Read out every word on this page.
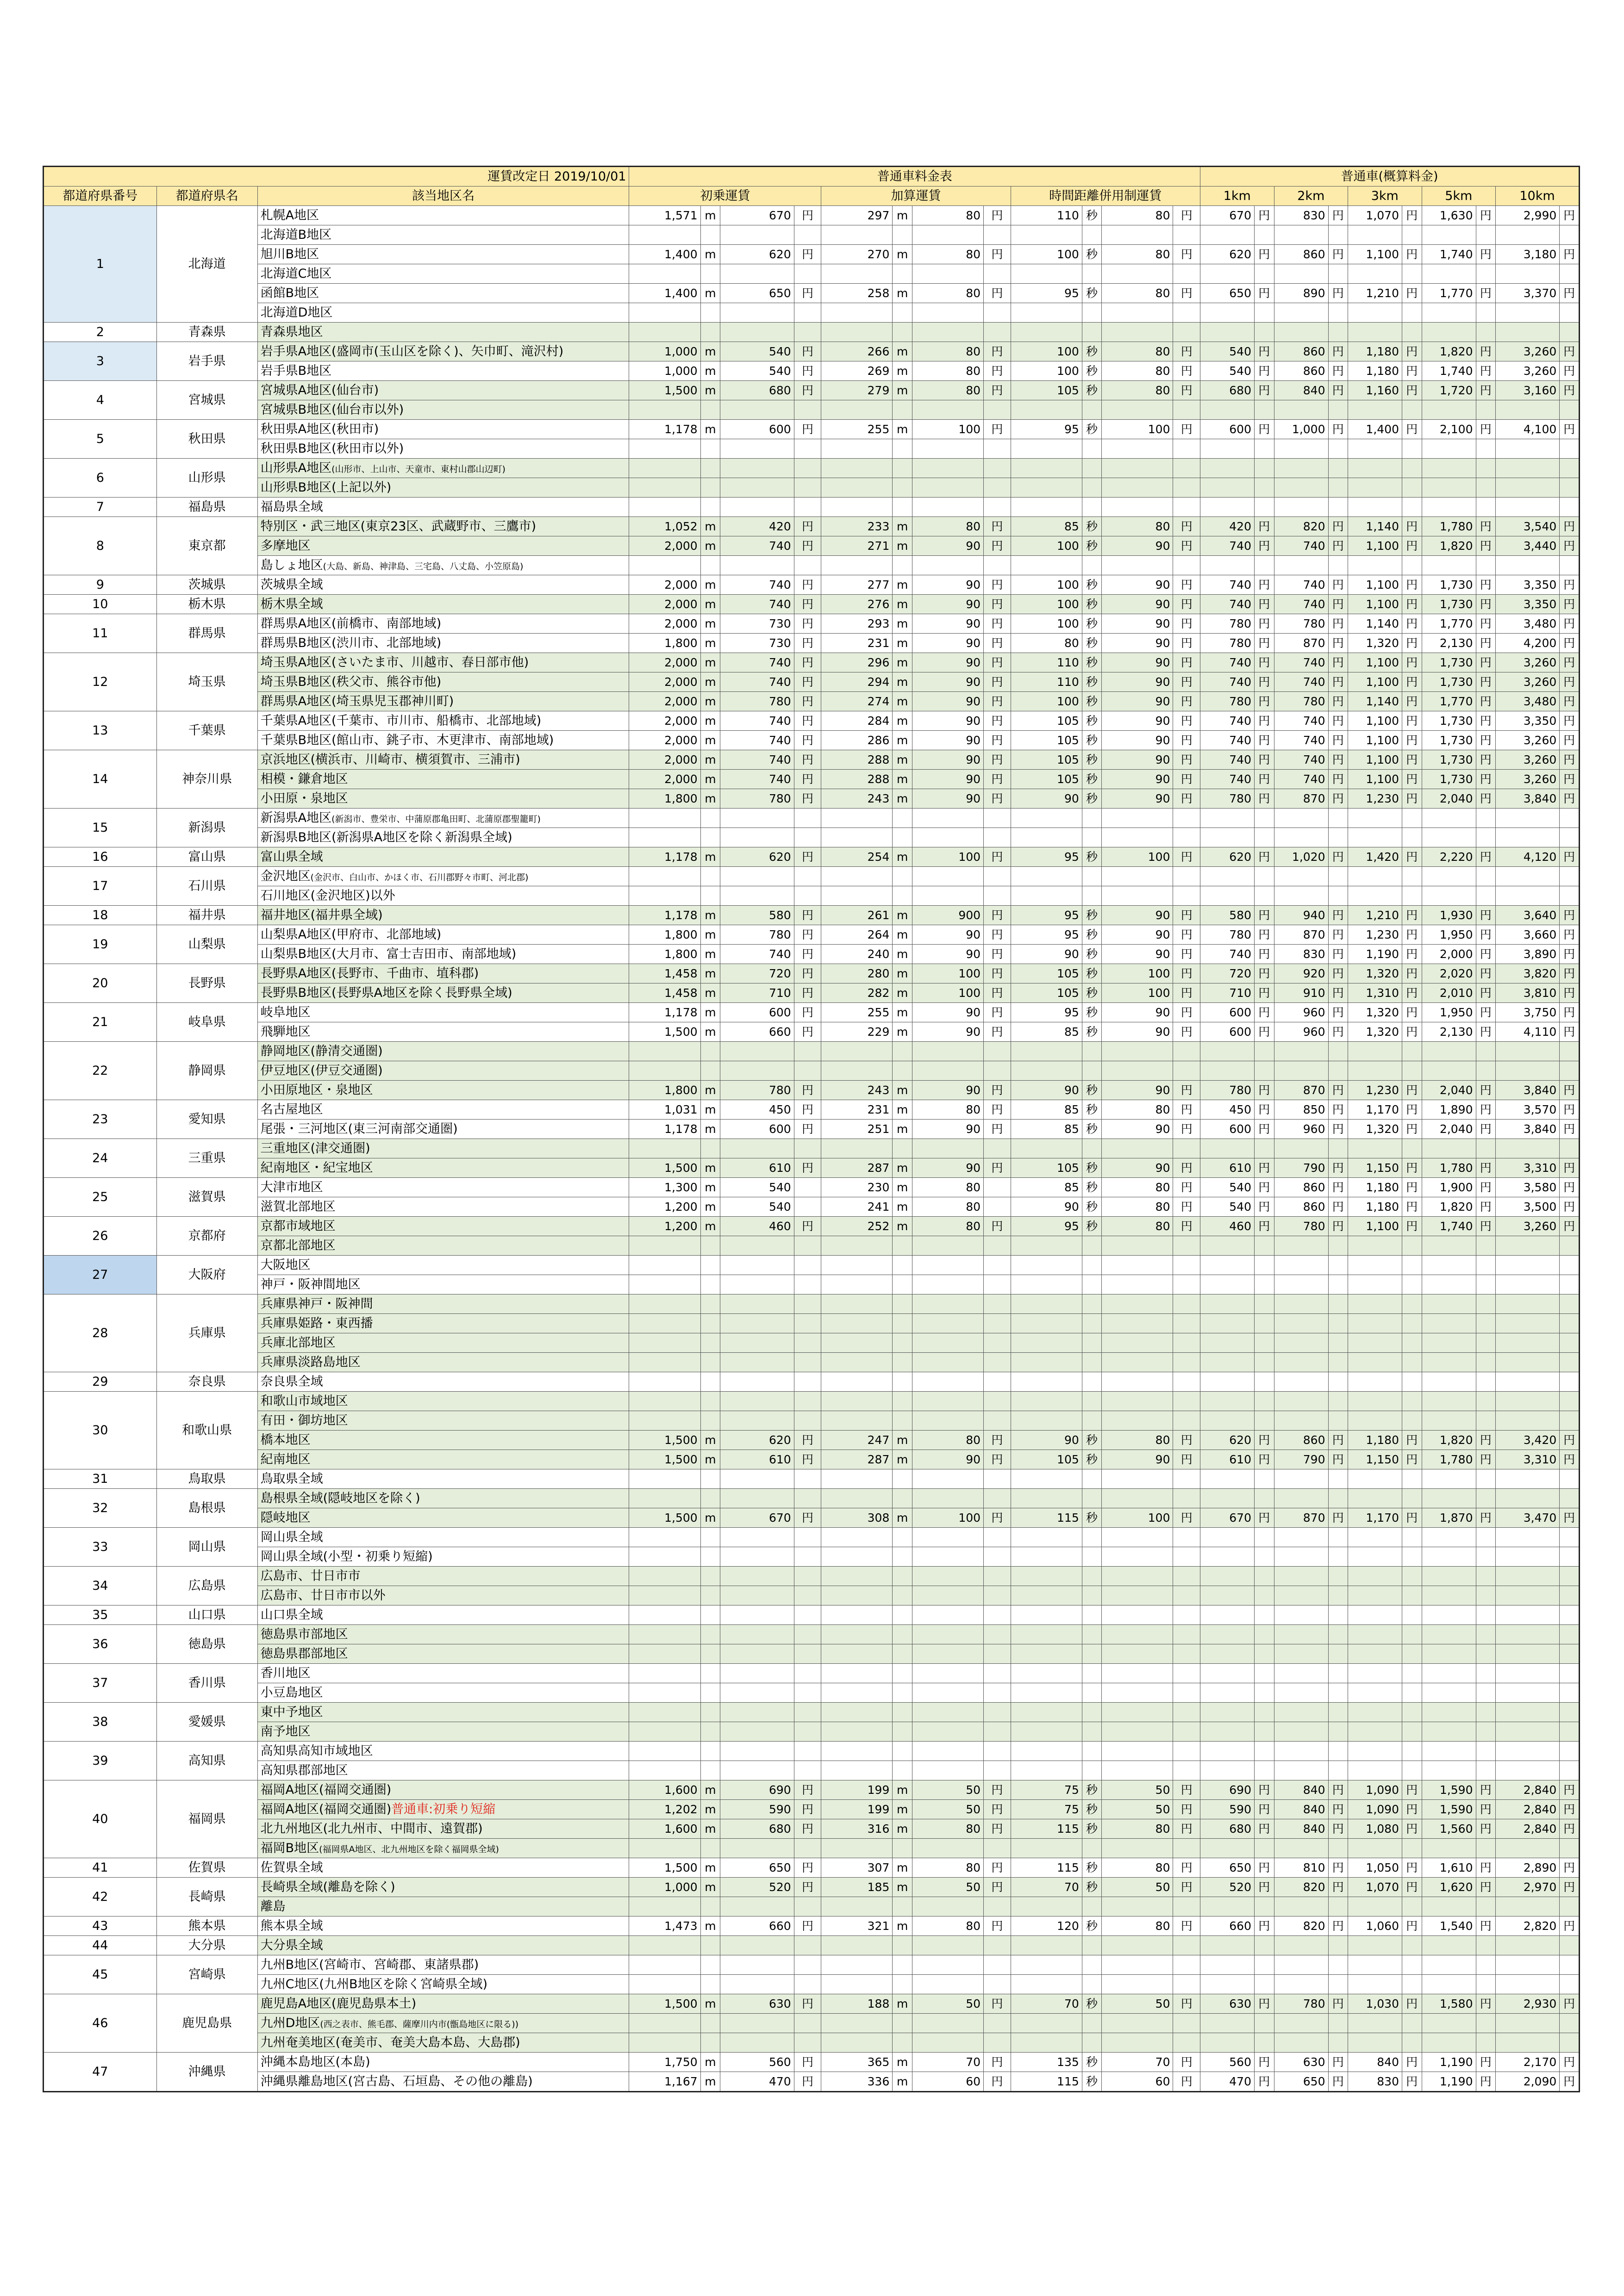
運賃改定日 2019/10/01			普通車料金表												普通車(概算料金)									
都道府県番号	都道府県名	該当地区名	初乗運賃				加算運賃				時間距離併用制運賃				1km		2km		3km		5km		10km	
1	北海道	札幌A地区	1,571	m	670	円	297	m	80	円	110	秒	80	円	670	円	830	円	1,070	円	1,630	円	2,990	円
		北海道B地区																						
		旭川B地区	1,400	m	620	円	270	m	80	円	100	秒	80	円	620	円	860	円	1,100	円	1,740	円	3,180	円
		北海道C地区																						
		函館B地区	1,400	m	650	円	258	m	80	円	95	秒	80	円	650	円	890	円	1,210	円	1,770	円	3,370	円
		北海道D地区																						
2	青森県	青森県地区																						
3	岩手県	岩手県A地区(盛岡市(玉山区を除く)、矢巾町、滝沢村)	1,000	m	540	円	266	m	80	円	100	秒	80	円	540	円	860	円	1,180	円	1,820	円	3,260	円
		岩手県B地区	1,000	m	540	円	269	m	80	円	100	秒	80	円	540	円	860	円	1,180	円	1,740	円	3,260	円
4	宮城県	宮城県A地区(仙台市)	1,500	m	680	円	279	m	80	円	105	秒	80	円	680	円	840	円	1,160	円	1,720	円	3,160	円
		宮城県B地区(仙台市以外)																						
5	秋田県	秋田県A地区(秋田市)	1,178	m	600	円	255	m	100	円	95	秒	100	円	600	円	1,000	円	1,400	円	2,100	円	4,100	円
		秋田県B地区(秋田市以外)																						
6	山形県	山形県A地区(山形市、上山市、天童市、東村山郡山辺町)																						
		山形県B地区(上記以外)																						
7	福島県	福島県全域																						
8	東京都	特別区・武三地区(東京23区、武蔵野市、三鷹市)	1,052	m	420	円	233	m	80	円	85	秒	80	円	420	円	820	円	1,140	円	1,780	円	3,540	円
		多摩地区	2,000	m	740	円	271	m	90	円	100	秒	90	円	740	円	740	円	1,100	円	1,820	円	3,440	円
		島しょ地区(大島、新島、神津島、三宅島、八丈島、小笠原島)																						
9	茨城県	茨城県全域	2,000	m	740	円	277	m	90	円	100	秒	90	円	740	円	740	円	1,100	円	1,730	円	3,350	円
10	栃木県	栃木県全域	2,000	m	740	円	276	m	90	円	100	秒	90	円	740	円	740	円	1,100	円	1,730	円	3,350	円
11	群馬県	群馬県A地区(前橋市、南部地域)	2,000	m	730	円	293	m	90	円	100	秒	90	円	780	円	780	円	1,140	円	1,770	円	3,480	円
		群馬県B地区(渋川市、北部地域)	1,800	m	730	円	231	m	90	円	80	秒	90	円	780	円	870	円	1,320	円	2,130	円	4,200	円
12	埼玉県	埼玉県A地区(さいたま市、川越市、春日部市他)	2,000	m	740	円	296	m	90	円	110	秒	90	円	740	円	740	円	1,100	円	1,730	円	3,260	円
		埼玉県B地区(秩父市、熊谷市他)	2,000	m	740	円	294	m	90	円	110	秒	90	円	740	円	740	円	1,100	円	1,730	円	3,260	円
		群馬県A地区(埼玉県児玉郡神川町)	2,000	m	780	円	274	m	90	円	100	秒	90	円	780	円	780	円	1,140	円	1,770	円	3,480	円
13	千葉県	千葉県A地区(千葉市、市川市、船橋市、北部地域)	2,000	m	740	円	284	m	90	円	105	秒	90	円	740	円	740	円	1,100	円	1,730	円	3,350	円
		千葉県B地区(館山市、銚子市、木更津市、南部地域)	2,000	m	740	円	286	m	90	円	105	秒	90	円	740	円	740	円	1,100	円	1,730	円	3,260	円
14	神奈川県	京浜地区(横浜市、川崎市、横須賀市、三浦市)	2,000	m	740	円	288	m	90	円	105	秒	90	円	740	円	740	円	1,100	円	1,730	円	3,260	円
		相模・鎌倉地区	2,000	m	740	円	288	m	90	円	105	秒	90	円	740	円	740	円	1,100	円	1,730	円	3,260	円
		小田原・泉地区	1,800	m	780	円	243	m	90	円	90	秒	90	円	780	円	870	円	1,230	円	2,040	円	3,840	円
15	新潟県	新潟県A地区(新潟市、豊栄市、中蒲原郡亀田町、北蒲原郡聖籠町)																						
		新潟県B地区(新潟県A地区を除く新潟県全域)																						
16	富山県	富山県全域	1,178	m	620	円	254	m	100	円	95	秒	100	円	620	円	1,020	円	1,420	円	2,220	円	4,120	円
17	石川県	金沢地区(金沢市、白山市、かほく市、石川郡野々市町、河北郡)																						
		石川地区(金沢地区)以外																						
18	福井県	福井地区(福井県全域)	1,178	m	580	円	261	m	900	円	95	秒	90	円	580	円	940	円	1,210	円	1,930	円	3,640	円
19	山梨県	山梨県A地区(甲府市、北部地域)	1,800	m	780	円	264	m	90	円	95	秒	90	円	780	円	870	円	1,230	円	1,950	円	3,660	円
		山梨県B地区(大月市、富士吉田市、南部地域)	1,800	m	740	円	240	m	90	円	90	秒	90	円	740	円	830	円	1,190	円	2,000	円	3,890	円
20	長野県	長野県A地区(長野市、千曲市、埴科郡)	1,458	m	720	円	280	m	100	円	105	秒	100	円	720	円	920	円	1,320	円	2,020	円	3,820	円
		長野県B地区(長野県A地区を除く長野県全域)	1,458	m	710	円	282	m	100	円	105	秒	100	円	710	円	910	円	1,310	円	2,010	円	3,810	円
21	岐阜県	岐阜地区	1,178	m	600	円	255	m	90	円	95	秒	90	円	600	円	960	円	1,320	円	1,950	円	3,750	円
		飛騨地区	1,500	m	660	円	229	m	90	円	85	秒	90	円	600	円	960	円	1,320	円	2,130	円	4,110	円
22	静岡県	静岡地区(静清交通圏)																						
		伊豆地区(伊豆交通圏)																						
		小田原地区・泉地区	1,800	m	780	円	243	m	90	円	90	秒	90	円	780	円	870	円	1,230	円	2,040	円	3,840	円
23	愛知県	名古屋地区	1,031	m	450	円	231	m	80	円	85	秒	80	円	450	円	850	円	1,170	円	1,890	円	3,570	円
		尾張・三河地区(東三河南部交通圏)	1,178	m	600	円	251	m	90	円	85	秒	90	円	600	円	960	円	1,320	円	2,040	円	3,840	円
24	三重県	三重地区(津交通圏)																						
		紀南地区・紀宝地区	1,500	m	610	円	287	m	90	円	105	秒	90	円	610	円	790	円	1,150	円	1,780	円	3,310	円
25	滋賀県	大津市地区	1,300	m	540		230	m	80		85	秒	80	円	540	円	860	円	1,180	円	1,900	円	3,580	円
		滋賀北部地区	1,200	m	540		241	m	80		90	秒	80	円	540	円	860	円	1,180	円	1,820	円	3,500	円
26	京都府	京都市域地区	1,200	m	460	円	252	m	80	円	95	秒	80	円	460	円	780	円	1,100	円	1,740	円	3,260	円
		京都北部地区																						
27	大阪府	大阪地区																						
		神戸・阪神間地区																						
28	兵庫県	兵庫県神戸・阪神間																						
		兵庫県姫路・東西播																						
		兵庫北部地区																						
		兵庫県淡路島地区																						
29	奈良県	奈良県全域																						
30	和歌山県	和歌山市域地区																						
		有田・御坊地区																						
		橋本地区	1,500	m	620	円	247	m	80	円	90	秒	80	円	620	円	860	円	1,180	円	1,820	円	3,420	円
		紀南地区	1,500	m	610	円	287	m	90	円	105	秒	90	円	610	円	790	円	1,150	円	1,780	円	3,310	円
31	鳥取県	鳥取県全域																						
32	島根県	島根県全域(隠岐地区を除く)																						
		隠岐地区	1,500	m	670	円	308	m	100	円	115	秒	100	円	670	円	870	円	1,170	円	1,870	円	3,470	円
33	岡山県	岡山県全域																						
		岡山県全域(小型・初乗り短縮)																						
34	広島県	広島市、廿日市市																						
		広島市、廿日市市以外																						
35	山口県	山口県全域																						
36	徳島県	徳島県市部地区																						
		徳島県郡部地区																						
37	香川県	香川地区																						
		小豆島地区																						
38	愛媛県	東中予地区																						
		南予地区																						
39	高知県	高知県高知市域地区																						
		高知県郡部地区																						
40	福岡県	福岡A地区(福岡交通圏)	1,600	m	690	円	199	m	50	円	75	秒	50	円	690	円	840	円	1,090	円	1,590	円	2,840	円
		福岡A地区(福岡交通圏)普通車:初乗り短縮	1,202	m	590	円	199	m	50	円	75	秒	50	円	590	円	840	円	1,090	円	1,590	円	2,840	円
		北九州地区(北九州市、中間市、遠賀郡)	1,600	m	680	円	316	m	80	円	115	秒	80	円	680	円	840	円	1,080	円	1,560	円	2,840	円
		福岡B地区(福岡県A地区、北九州地区を除く福岡県全域)																						
41	佐賀県	佐賀県全域	1,500	m	650	円	307	m	80	円	115	秒	80	円	650	円	810	円	1,050	円	1,610	円	2,890	円
42	長崎県	長崎県全域(離島を除く)	1,000	m	520	円	185	m	50	円	70	秒	50	円	520	円	820	円	1,070	円	1,620	円	2,970	円
		離島																						
43	熊本県	熊本県全域	1,473	m	660	円	321	m	80	円	120	秒	80	円	660	円	820	円	1,060	円	1,540	円	2,820	円
44	大分県	大分県全域																						
45	宮崎県	九州B地区(宮崎市、宮崎郡、東諸県郡)																						
		九州C地区(九州B地区を除く宮崎県全域)																						
46	鹿児島県	鹿児島A地区(鹿児島県本土)	1,500	m	630	円	188	m	50	円	70	秒	50	円	630	円	780	円	1,030	円	1,580	円	2,930	円
		九州D地区(西之表市、熊毛郡、薩摩川内市(甑島地区に限る))																						
		九州奄美地区(奄美市、奄美大島本島、大島郡)																						
47	沖縄県	沖縄本島地区(本島)	1,750	m	560	円	365	m	70	円	135	秒	70	円	560	円	630	円	840	円	1,190	円	2,170	円
		沖縄県離島地区(宮古島、石垣島、その他の離島)	1,167	m	470	円	336	m	60	円	115	秒	60	円	470	円	650	円	830	円	1,190	円	2,090	円
